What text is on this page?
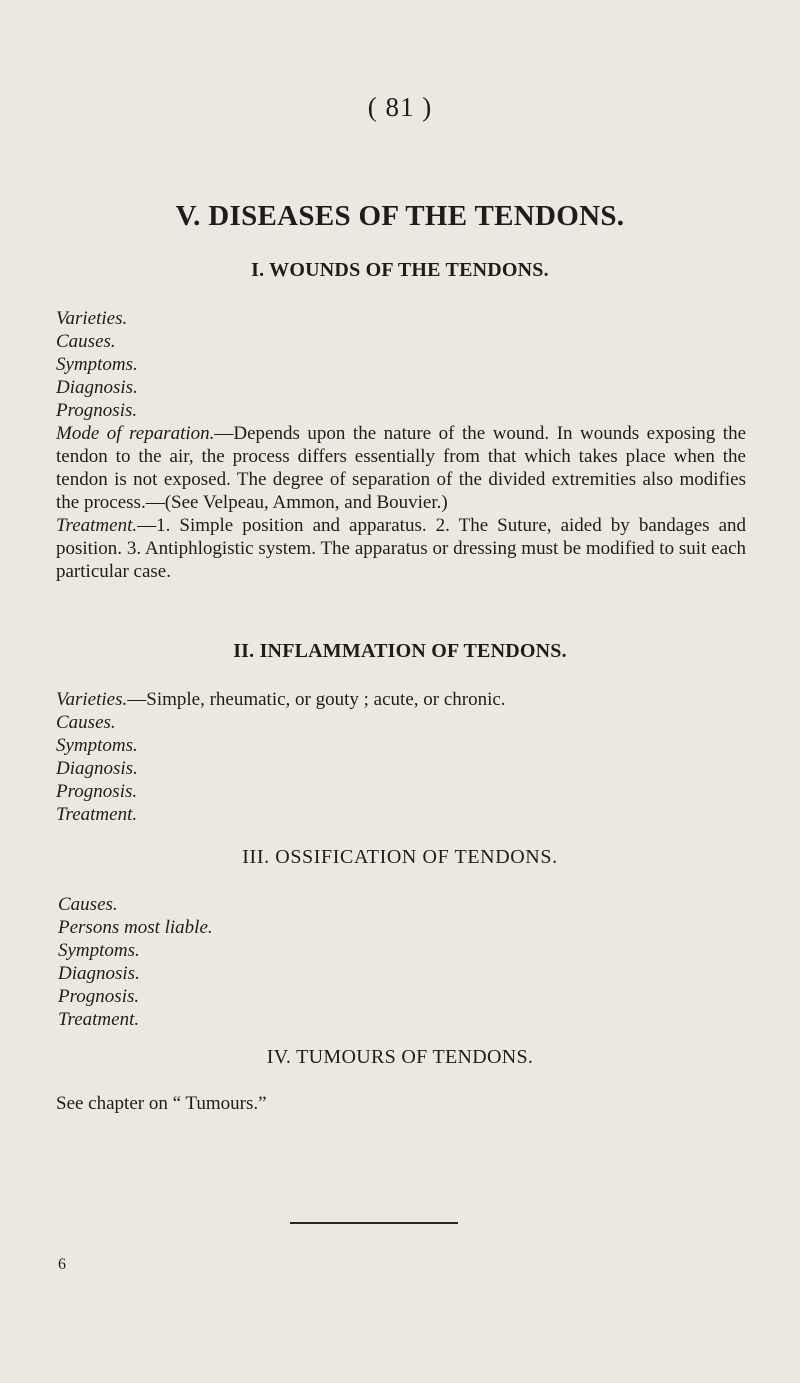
( 81 )
V. DISEASES OF THE TENDONS.
I. WOUNDS OF THE TENDONS.
Varieties.
Causes.
Symptoms.
Diagnosis.
Prognosis.
Mode of reparation.—Depends upon the nature of the wound. In wounds exposing the tendon to the air, the process differs essentially from that which takes place when the tendon is not exposed. The degree of separation of the divided extremities also modifies the process.—(See Velpeau, Ammon, and Bouvier.)
Treatment.—1. Simple position and apparatus. 2. The Suture, aided by bandages and position. 3. Antiphlogistic system. The apparatus or dressing must be modified to suit each particular case.
II. INFLAMMATION OF TENDONS.
Varieties.—Simple, rheumatic, or gouty ; acute, or chronic.
Causes.
Symptoms.
Diagnosis.
Prognosis.
Treatment.
III. OSSIFICATION OF TENDONS.
Causes.
Persons most liable.
Symptoms.
Diagnosis.
Prognosis.
Treatment.
IV. TUMOURS OF TENDONS.
See chapter on “ Tumours.”
6
